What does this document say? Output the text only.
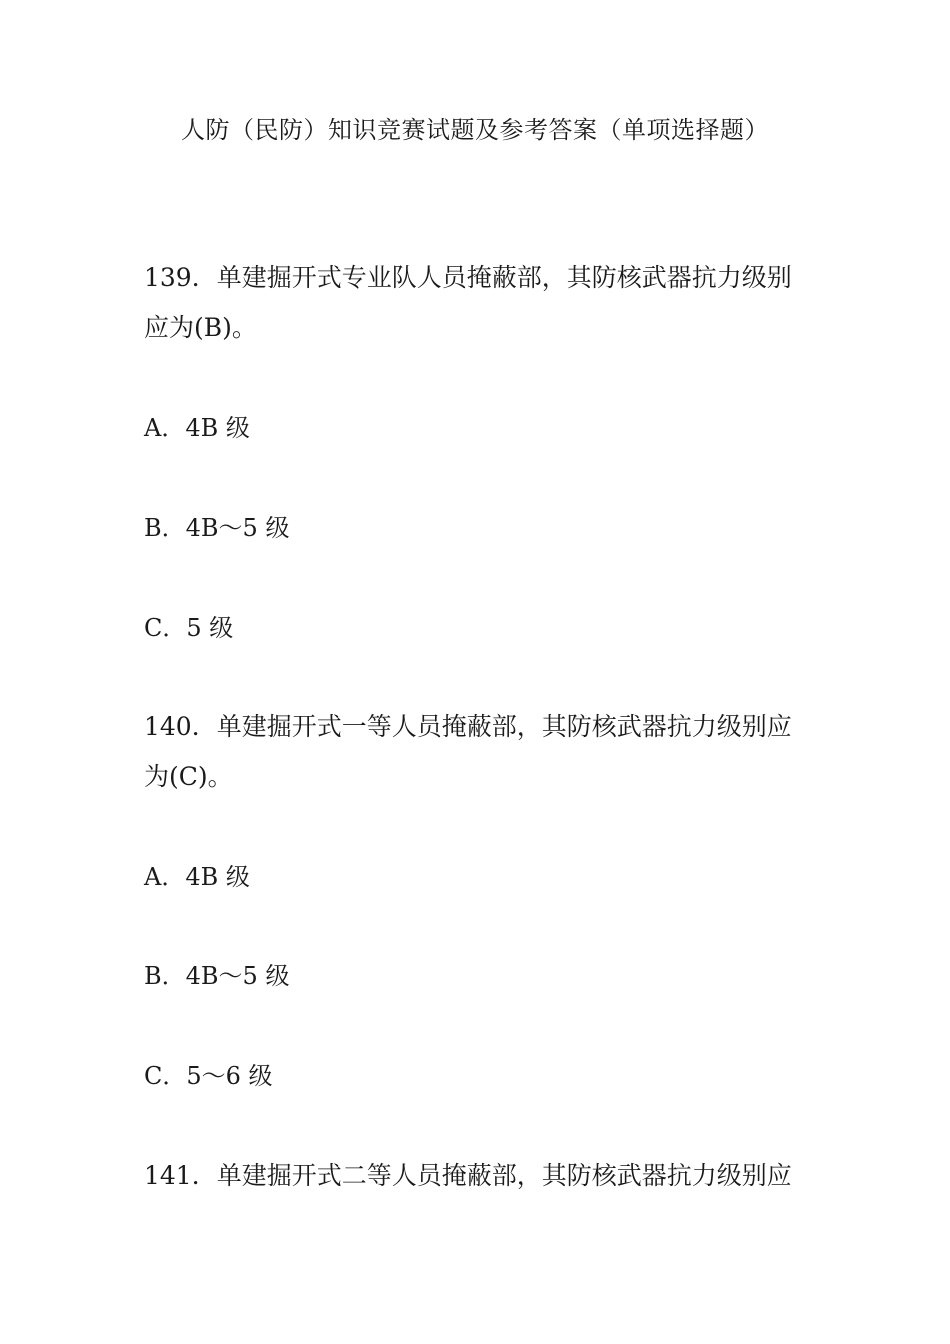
人防（民防）知识竞赛试题及参考答案（单项选择题）
139．单建掘开式专业队人员掩蔽部，其防核武器抗力级别
应为(B)。
A．4B 级
B．4B～5 级
C．5 级
140．单建掘开式一等人员掩蔽部，其防核武器抗力级别应
为(C)。
A．4B 级
B．4B～5 级
C．5～6 级
141．单建掘开式二等人员掩蔽部，其防核武器抗力级别应
